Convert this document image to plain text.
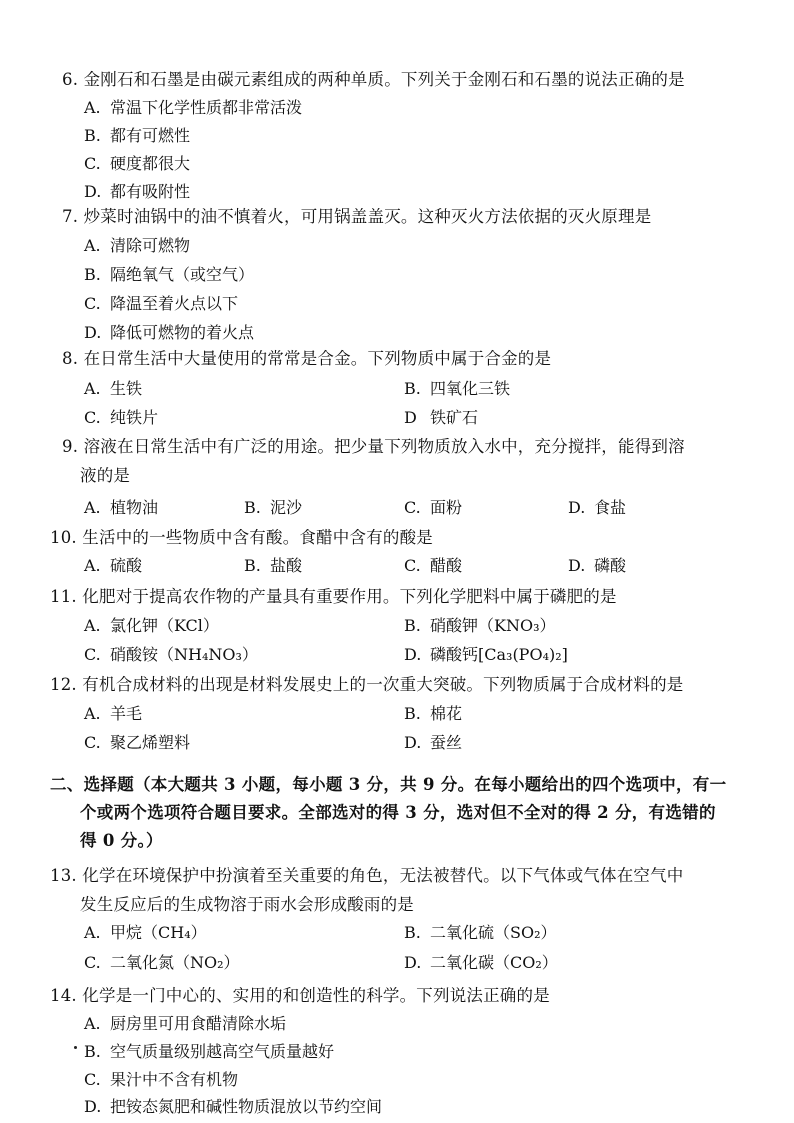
6. 金刚石和石墨是由碳元素组成的两种单质。下列关于金刚石和石墨的说法正确的是
A. 常温下化学性质都非常活泼
B. 都有可燃性
C. 硬度都很大
D. 都有吸附性
7. 炒菜时油锅中的油不慎着火，可用锅盖盖灭。这种灭火方法依据的灭火原理是
A. 清除可燃物
B. 隔绝氧气（或空气）
C. 降温至着火点以下
D. 降低可燃物的着火点
8. 在日常生活中大量使用的常常是合金。下列物质中属于合金的是
A. 生铁	B. 四氧化三铁
C. 纯铁片	D 铁矿石
9. 溶液在日常生活中有广泛的用途。把少量下列物质放入水中，充分搅拌，能得到溶
液的是
A. 植物油	B. 泥沙	C. 面粉	D. 食盐
10. 生活中的一些物质中含有酸。食醋中含有的酸是
A. 硫酸	B. 盐酸	C. 醋酸	D. 磷酸
11. 化肥对于提高农作物的产量具有重要作用。下列化学肥料中属于磷肥的是
A. 氯化钾（KCl）	B. 硝酸钾（KNO₃）
C. 硝酸铵（NH₄NO₃）	D. 磷酸钙[Ca₃(PO₄)₂]
12. 有机合成材料的出现是材料发展史上的一次重大突破。下列物质属于合成材料的是
A. 羊毛	B. 棉花
C. 聚乙烯塑料	D. 蚕丝
二、选择题（本大题共 3 小题，每小题 3 分，共 9 分。在每小题给出的四个选项中，有一
个或两个选项符合题目要求。全部选对的得 3 分，选对但不全对的得 2 分，有选错的
得 0 分。）
13. 化学在环境保护中扮演着至关重要的角色，无法被替代。以下气体或气体在空气中
发生反应后的生成物溶于雨水会形成酸雨的是
A. 甲烷（CH₄）	B. 二氧化硫（SO₂）
C. 二氧化氮（NO₂）	D. 二氧化碳（CO₂）
14. 化学是一门中心的、实用的和创造性的科学。下列说法正确的是
A. 厨房里可用食醋清除水垢
B. 空气质量级别越高空气质量越好
C. 果汁中不含有机物
D. 把铵态氮肥和碱性物质混放以节约空间
